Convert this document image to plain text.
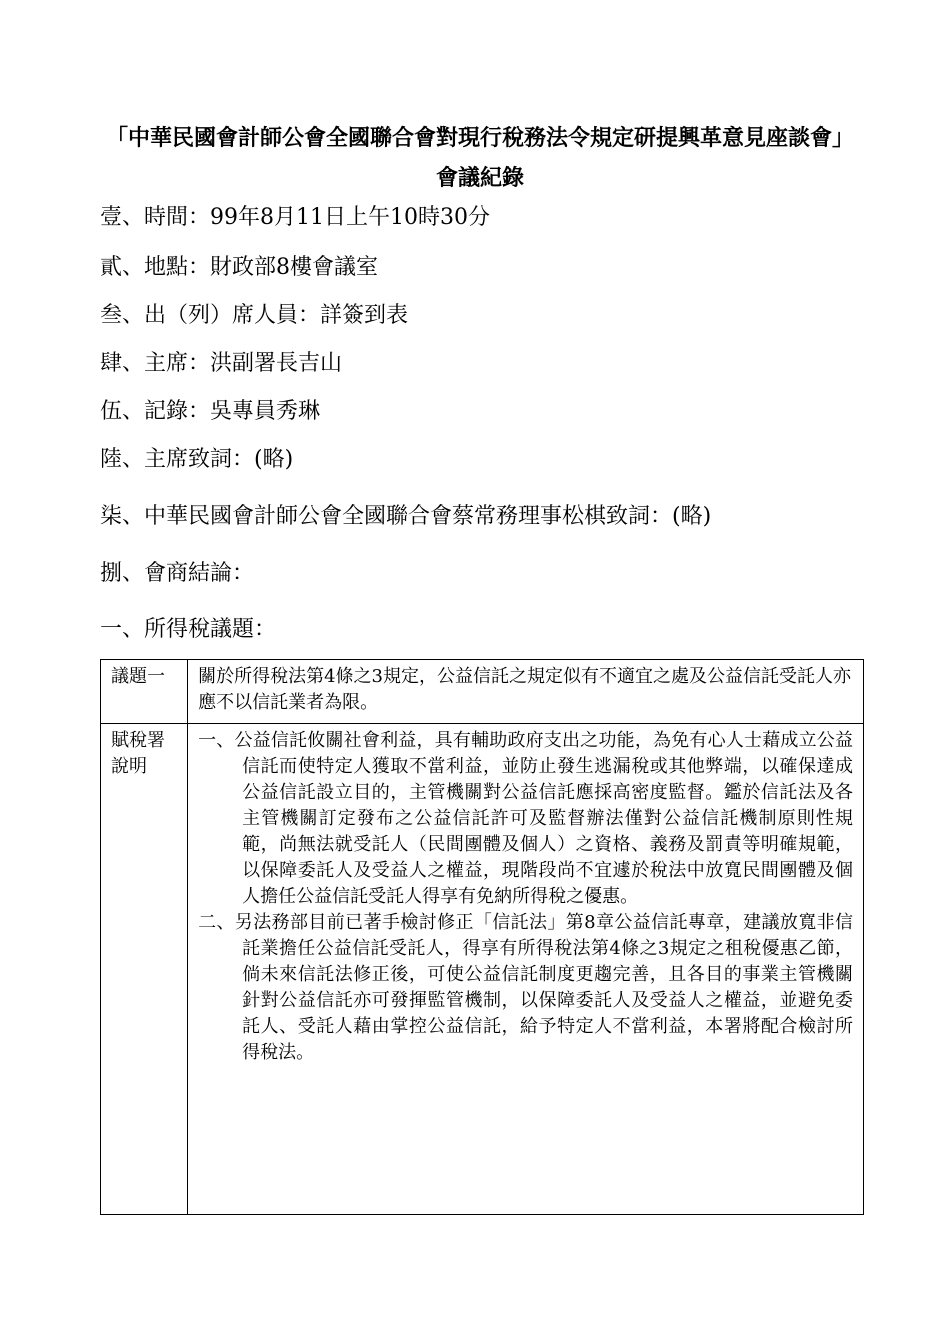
「中華民國會計師公會全國聯合會對現行稅務法令規定研提興革意見座談會」會議紀錄
壹、時間：99年8月11日上午10時30分
貳、地點：財政部8樓會議室
叁、出（列）席人員：詳簽到表
肆、主席：洪副署長吉山
伍、記錄：吳專員秀琳
陸、主席致詞：(略)
柒、中華民國會計師公會全國聯合會蔡常務理事松棋致詞：(略)
捌、會商結論：
一、所得稅議題：
議題一	關於所得稅法第4條之3規定，公益信託之規定似有不適宜之處及公益信託受託人亦應不以信託業者為限。
賦稅署說明	一、公益信託攸關社會利益，具有輔助政府支出之功能，為免有心人士藉成立公益信託而使特定人獲取不當利益，並防止發生逃漏稅或其他弊端，以確保達成公益信託設立目的，主管機關對公益信託應採高密度監督。鑑於信託法及各主管機關訂定發布之公益信託許可及監督辦法僅對公益信託機制原則性規範，尚無法就受託人（民間團體及個人）之資格、義務及罰責等明確規範，以保障委託人及受益人之權益，現階段尚不宜遽於稅法中放寬民間團體及個人擔任公益信託受託人得享有免納所得稅之優惠。
二、另法務部目前已著手檢討修正「信託法」第8章公益信託專章，建議放寬非信託業擔任公益信託受託人，得享有所得稅法第4條之3規定之租稅優惠乙節，倘未來信託法修正後，可使公益信託制度更趨完善，且各目的事業主管機關針對公益信託亦可發揮監管機制，以保障委託人及受益人之權益，並避免委託人、受託人藉由掌控公益信託，給予特定人不當利益，本署將配合檢討所得稅法。
